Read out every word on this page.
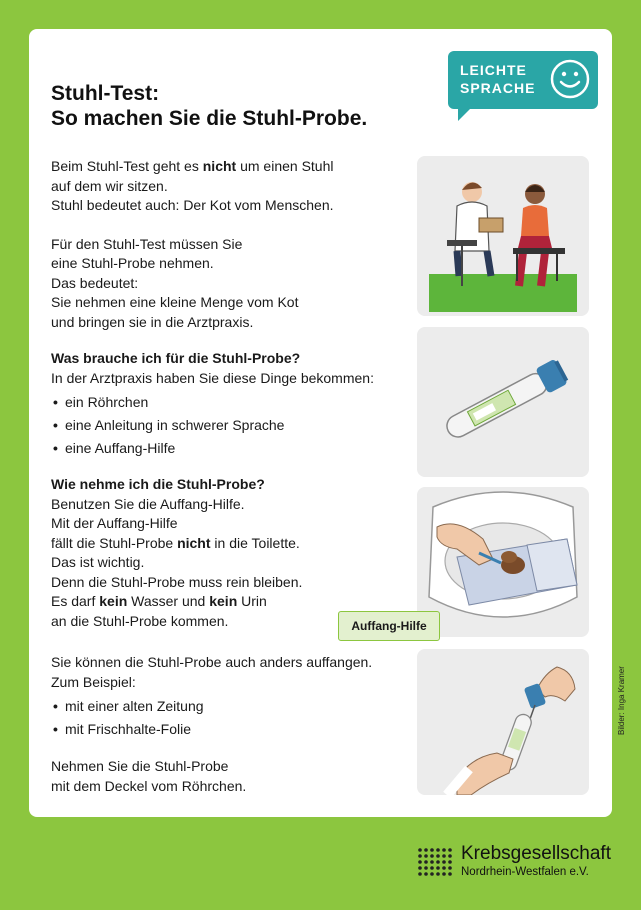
LEICHTE
SPRACHE
Stuhl-Test:
So machen Sie die Stuhl-Probe.

Beim Stuhl-Test geht es nicht um einen Stuhl

auf dem wir sitzen.

Stuhl bedeutet auch: Der Kot vom Menschen.

Für den Stuhl-Test müssen Sie

eine Stuhl-Probe nehmen.

Das bedeutet:

Sie nehmen eine kleine Menge vom Kot

und bringen sie in die Arztpraxis.

Was brauche ich für die Stuhl-Probe?

In der Arztpraxis haben Sie diese Dinge bekommen:

• ein Röhrchen
• eine Anleitung in schwerer Sprache
• eine Auffang-Hilfe

Wie nehme ich die Stuhl-Probe?

Benutzen Sie die Auffang-Hilfe.

Mit der Auffang-Hilfe

fällt die Stuhl-Probe nicht in die Toilette.

Das ist wichtig.

Denn die Stuhl-Probe muss rein bleiben.

Es darf kein Wasser und kein Urin

an die Stuhl-Probe kommen.

Sie können die Stuhl-Probe auch anders auffangen.

Zum Beispiel:

• mit einer alten Zeitung
• mit Frischhalte-Folie

Nehmen Sie die Stuhl-Probe

mit dem Deckel vom Röhrchen.

Auffang-Hilfe
Bilder: Inga Kramer
Krebsgesellschaft
Nordrhein-Westfalen e.V.
